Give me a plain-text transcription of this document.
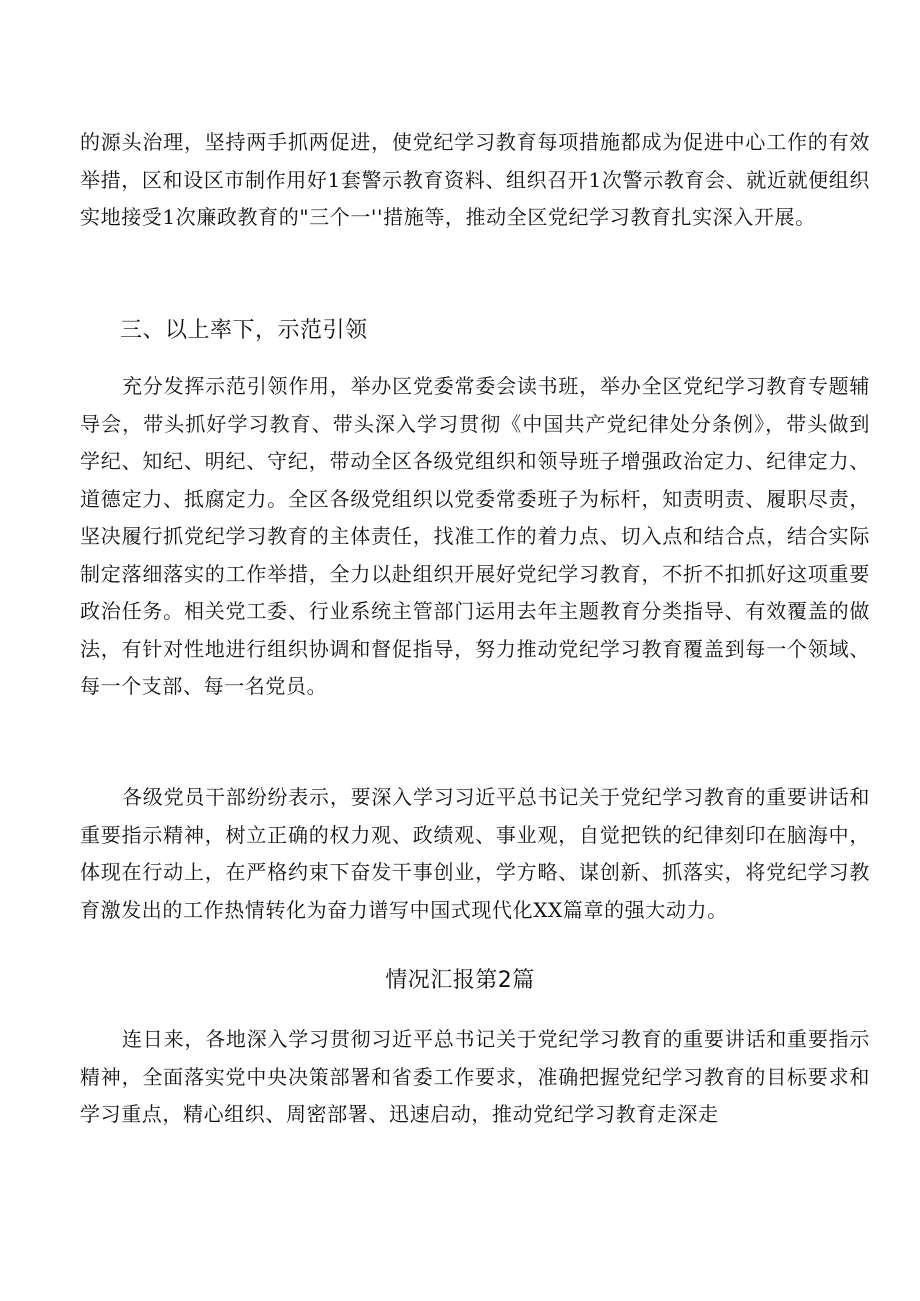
的源头治理，坚持两手抓两促进，使党纪学习教育每项措施都成为促进中心工作的有效举措，区和设区市制作用好1套警示教育资料、组织召开1次警示教育会、就近就便组织实地接受1次廉政教育的"三个一''措施等，推动全区党纪学习教育扎实深入开展。

三、以上率下，示范引领

充分发挥示范引领作用，举办区党委常委会读书班，举办全区党纪学习教育专题辅导会，带头抓好学习教育、带头深入学习贯彻《中国共产党纪律处分条例》，带头做到学纪、知纪、明纪、守纪，带动全区各级党组织和领导班子增强政治定力、纪律定力、道德定力、抵腐定力。全区各级党组织以党委常委班子为标杆，知责明责、履职尽责，坚决履行抓党纪学习教育的主体责任，找准工作的着力点、切入点和结合点，结合实际制定落细落实的工作举措，全力以赴组织开展好党纪学习教育，不折不扣抓好这项重要政治任务。相关党工委、行业系统主管部门运用去年主题教育分类指导、有效覆盖的做法，有针对性地进行组织协调和督促指导，努力推动党纪学习教育覆盖到每一个领域、每一个支部、每一名党员。

各级党员干部纷纷表示，要深入学习习近平总书记关于党纪学习教育的重要讲话和重要指示精神，树立正确的权力观、政绩观、事业观，自觉把铁的纪律刻印在脑海中，体现在行动上，在严格约束下奋发干事创业，学方略、谋创新、抓落实，将党纪学习教育激发出的工作热情转化为奋力谱写中国式现代化XX篇章的强大动力。

情况汇报第2篇

连日来，各地深入学习贯彻习近平总书记关于党纪学习教育的重要讲话和重要指示精神，全面落实党中央决策部署和省委工作要求，准确把握党纪学习教育的目标要求和学习重点，精心组织、周密部署、迅速启动，推动党纪学习教育走深走
